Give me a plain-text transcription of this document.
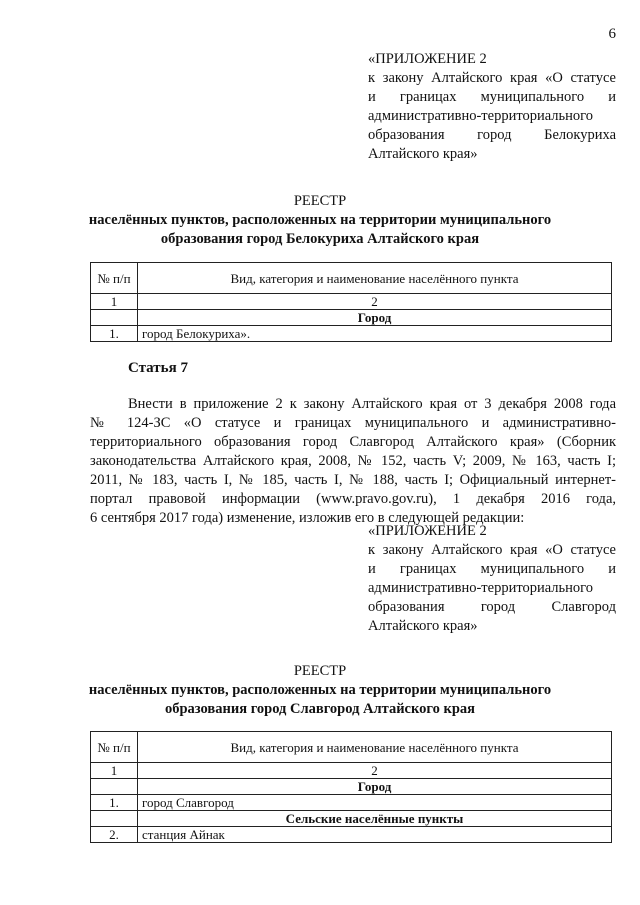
6
«ПРИЛОЖЕНИЕ 2
к закону Алтайского края «О статусе
и границах муниципального и
административно-территориального
образования город Белокуриха
Алтайского края»
РЕЕСТР
населённых пунктов, расположенных на территории муниципального
образования город Белокуриха Алтайского края
№ п/п	Вид, категория и наименование населённого пункта
1	2
	Город
1.	город Белокуриха».
Статья 7
Внести в приложение 2 к закону Алтайского края от 3 декабря 2008 года
№ 124-ЗС «О статусе и границах муниципального и административно-
территориального образования город Славгород Алтайского края» (Сборник
законодательства Алтайского края, 2008, № 152, часть V; 2009, № 163, часть I;
2011, № 183, часть I, № 185, часть I, № 188, часть I; Официальный интернет-
портал правовой информации (www.pravo.gov.ru), 1 декабря 2016 года,
6 сентября 2017 года) изменение, изложив его в следующей редакции:
«ПРИЛОЖЕНИЕ 2
к закону Алтайского края «О статусе
и границах муниципального и
административно-территориального
образования город Славгород
Алтайского края»
РЕЕСТР
населённых пунктов, расположенных на территории муниципального
образования город Славгород Алтайского края
№ п/п	Вид, категория и наименование населённого пункта
1	2
	Город
1.	город Славгород
	Сельские населённые пункты
2.	станция Айнак
